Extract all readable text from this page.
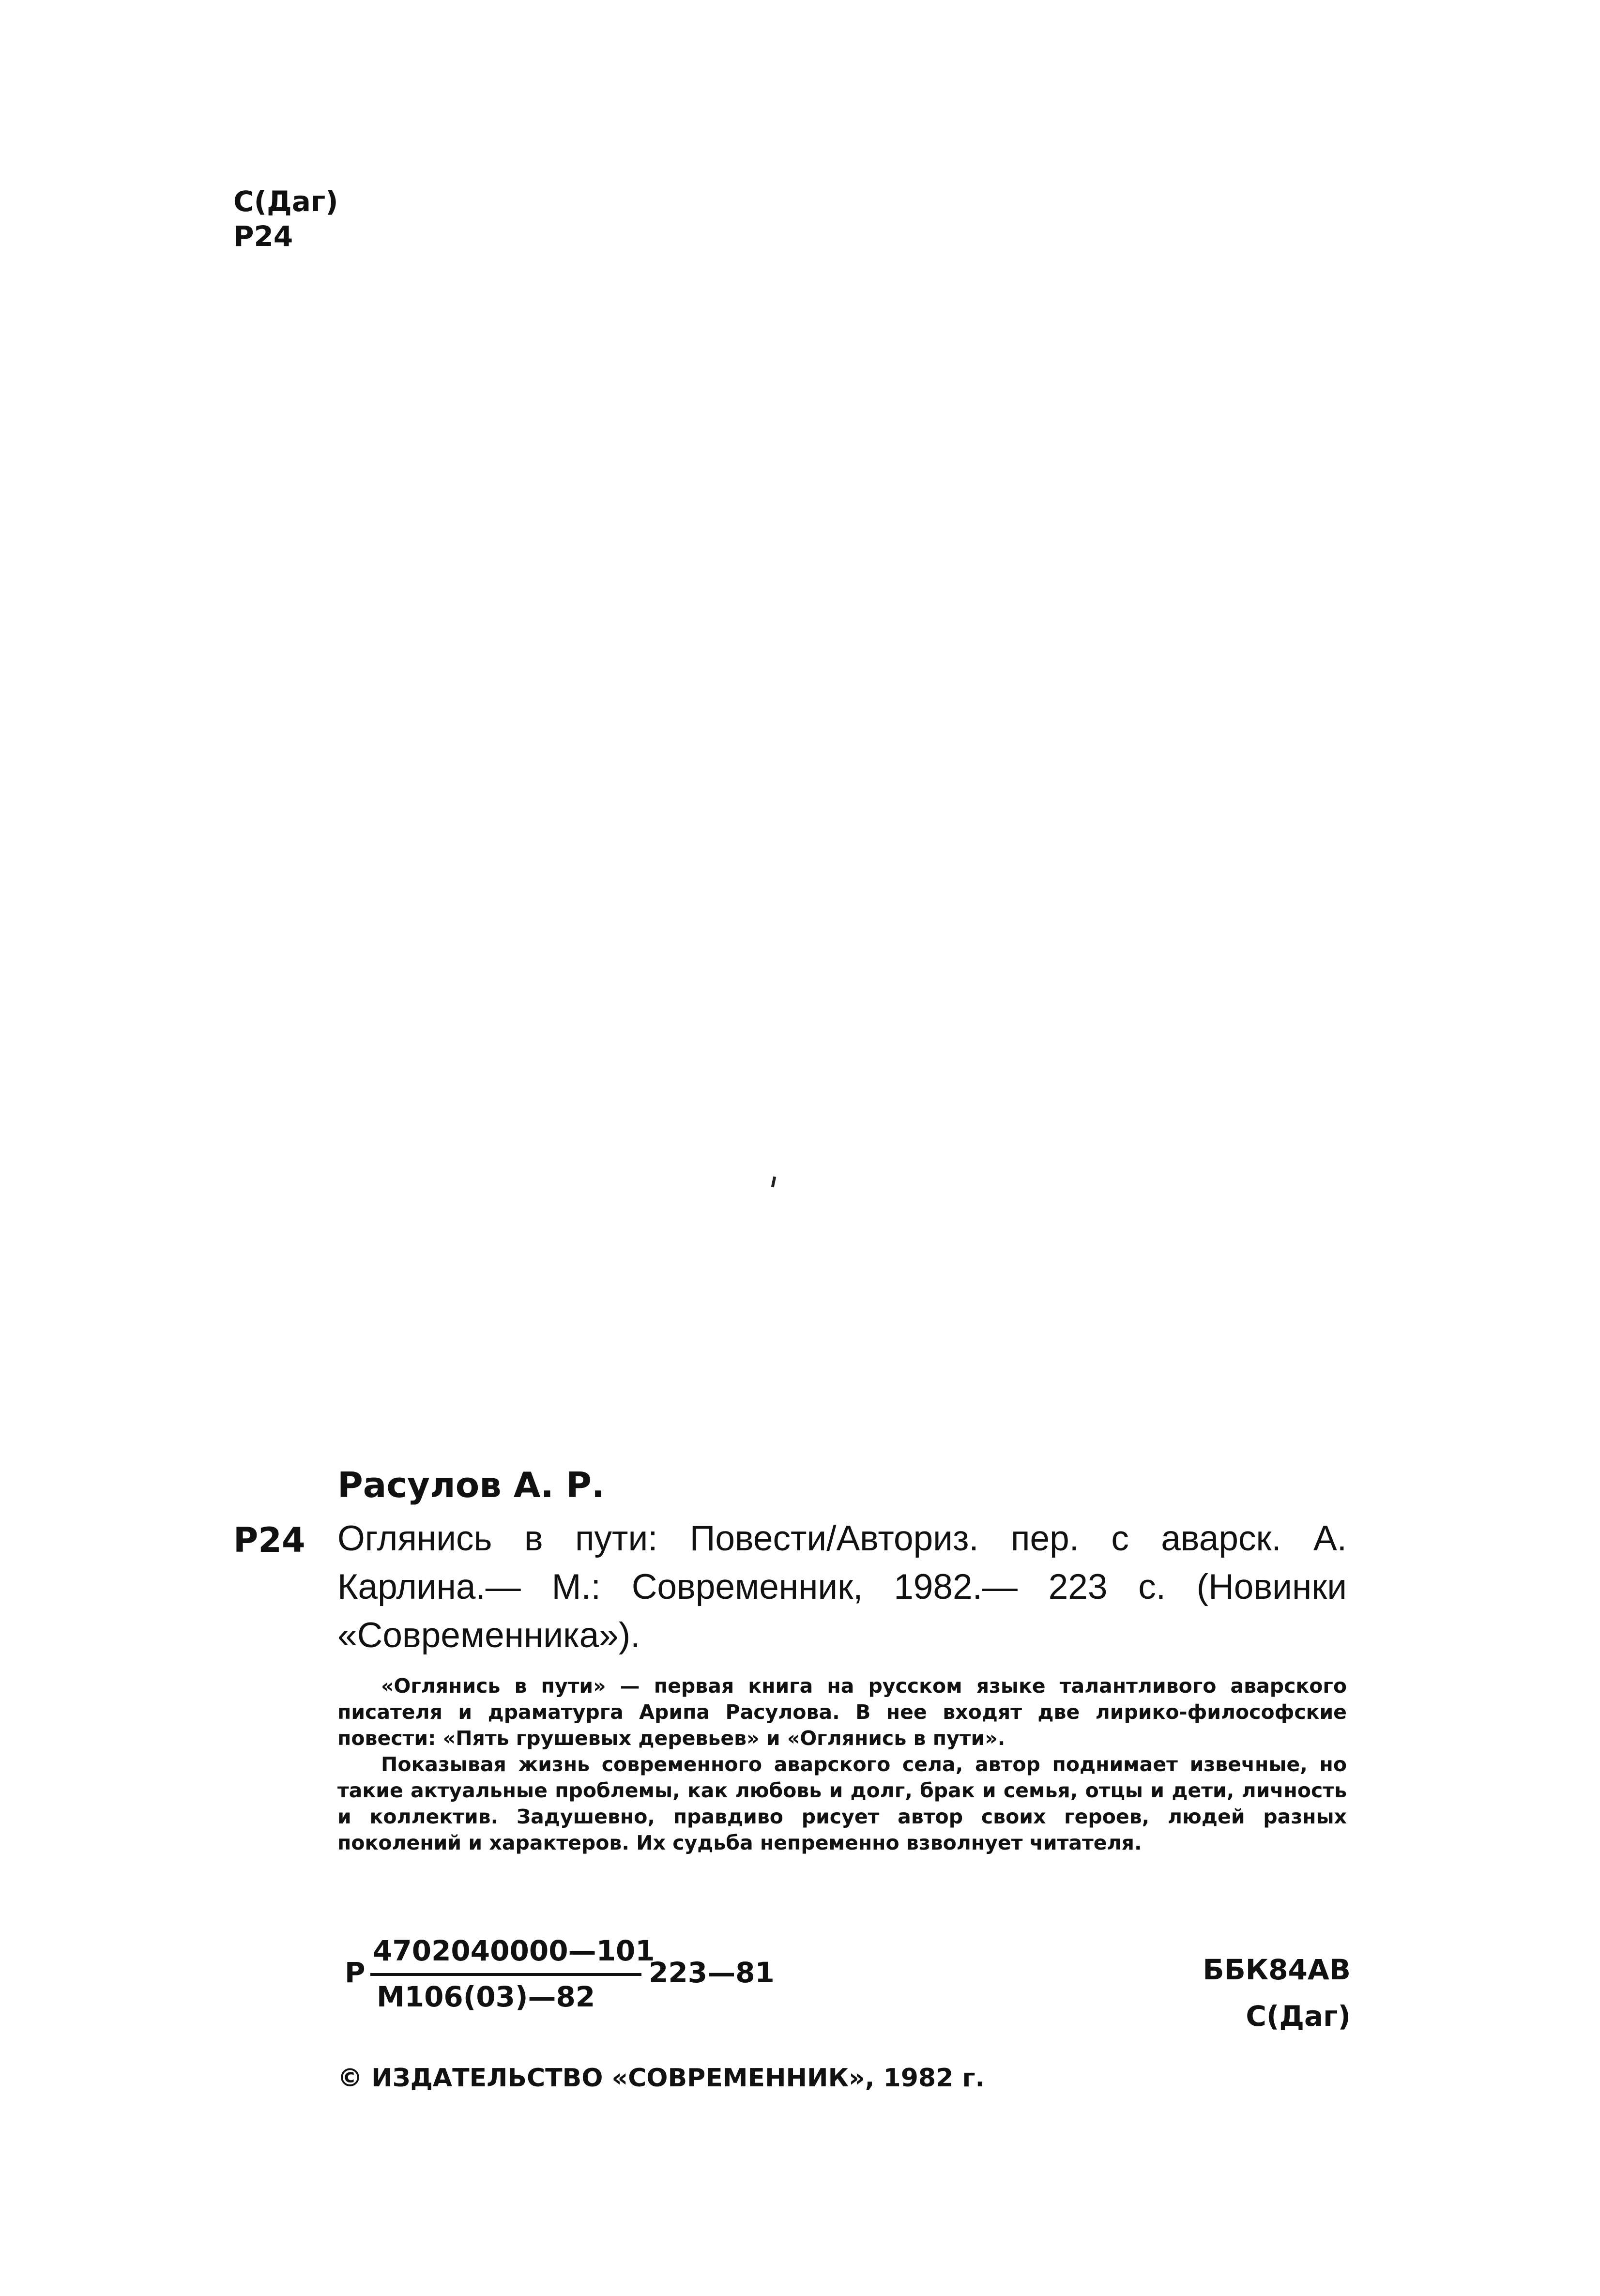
С(Даг)
Р24
Расулов А. Р.
Р24 Оглянись в пути: Повести/Авториз. пер. с аварск. А. Карлина.— М.: Современник, 1982.— 223 с. (Новинки «Современника»).

«Оглянись в пути» — первая книга на русском языке талантливого аварского писателя и драматурга Арипа Расулова. В нее входят две лирико-философские повести: «Пять грушевых деревьев» и «Оглянись в пути».

Показывая жизнь современного аварского села, автор поднимает извечные, но такие актуальные проблемы, как любовь и долг, брак и семья, отцы и дети, личность и коллектив. Задушевно, правдиво рисует автор своих героев, людей разных поколений и характеров. Их судьба непременно взволнует читателя.

Р
4702040000—101
М106(03)—82
223—81	ББК84АВ
С(Даг)
© ИЗДАТЕЛЬСТВО «СОВРЕМЕННИК», 1982 г.
